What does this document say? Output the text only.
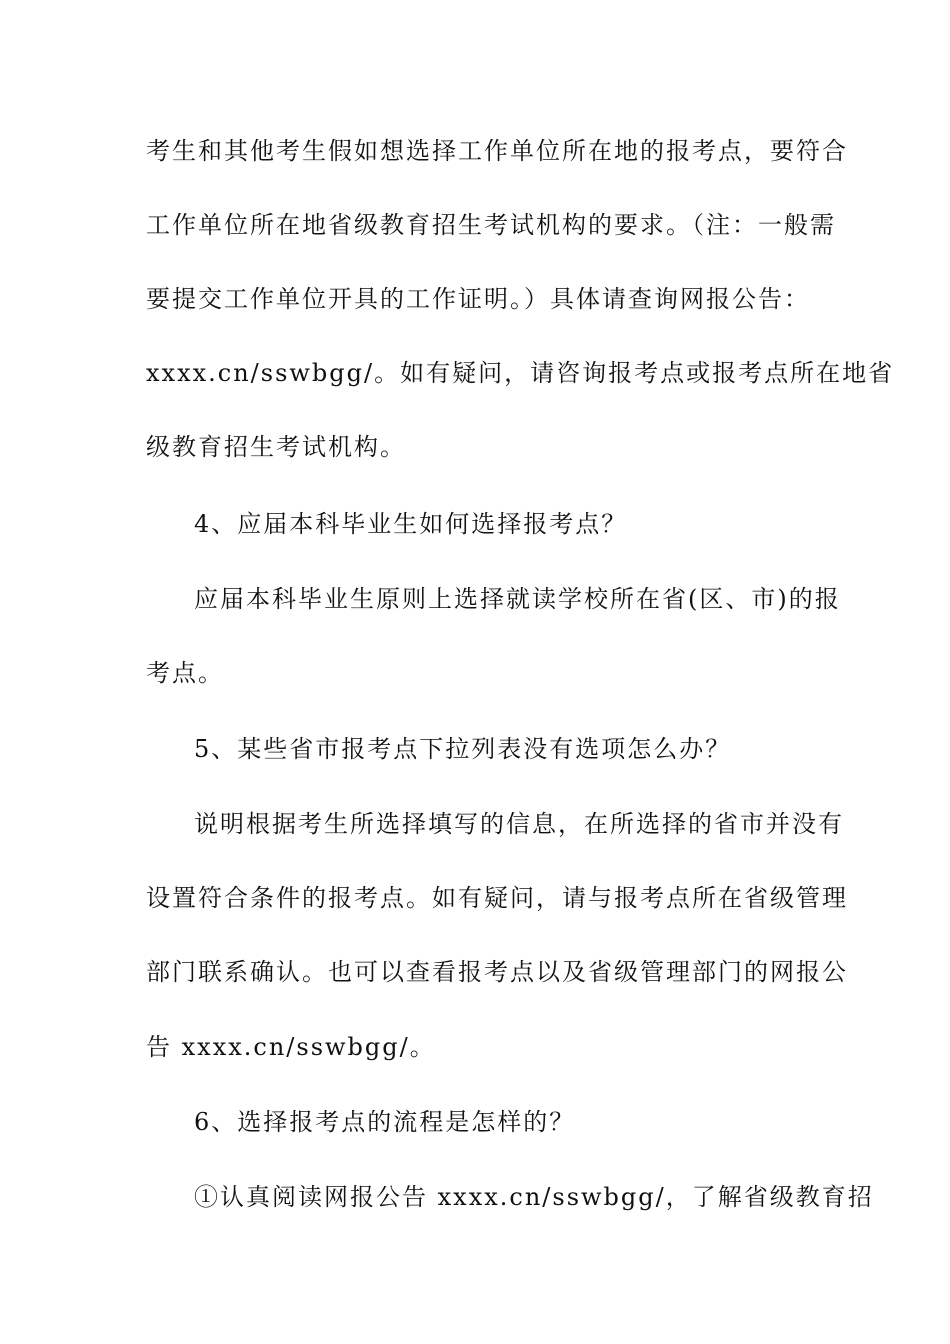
考生和其他考生假如想选择工作单位所在地的报考点，要符合
工作单位所在地省级教育招生考试机构的要求。（注：一般需
要提交工作单位开具的工作证明。）具体请查询网报公告：
xxxx.cn/sswbgg/。如有疑问，请咨询报考点或报考点所在地省
级教育招生考试机构。
4、应届本科毕业生如何选择报考点？
应届本科毕业生原则上选择就读学校所在省(区、市)的报
考点。
5、某些省市报考点下拉列表没有选项怎么办？
说明根据考生所选择填写的信息，在所选择的省市并没有
设置符合条件的报考点。如有疑问，请与报考点所在省级管理
部门联系确认。也可以查看报考点以及省级管理部门的网报公
告 xxxx.cn/sswbgg/。
6、选择报考点的流程是怎样的？
①认真阅读网报公告 xxxx.cn/sswbgg/，了解省级教育招
